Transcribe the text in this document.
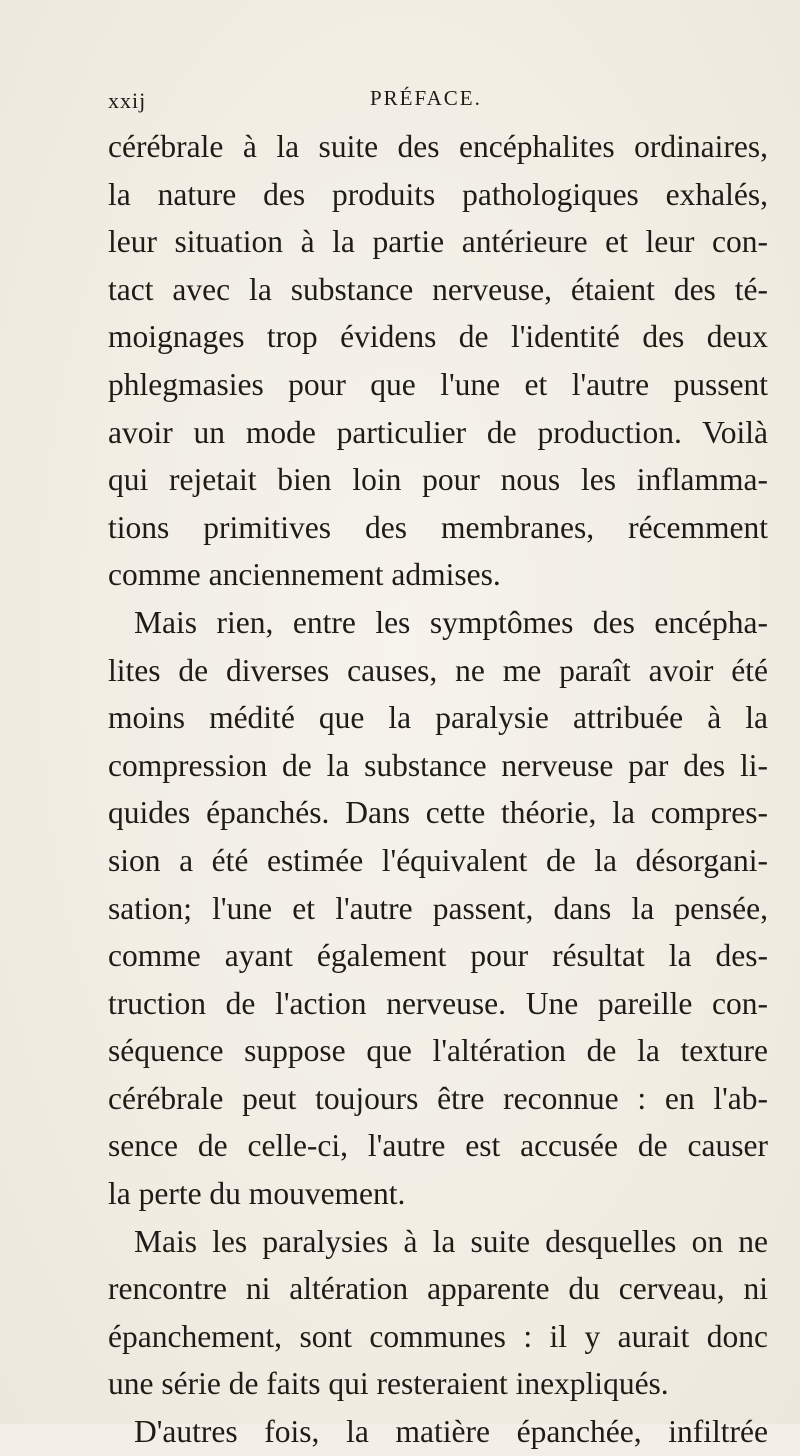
xxij	PRÉFACE.
cérébrale à la suite des encéphalites ordinaires,
la nature des produits pathologiques exhalés,
leur situation à la partie antérieure et leur con-
tact avec la substance nerveuse, étaient des té-
moignages trop évidens de l'identité des deux
phlegmasies pour que l'une et l'autre pussent
avoir un mode particulier de production. Voilà
qui rejetait bien loin pour nous les inflamma-
tions primitives des membranes, récemment
comme anciennement admises.
Mais rien, entre les symptômes des encépha-
lites de diverses causes, ne me paraît avoir été
moins médité que la paralysie attribuée à la
compression de la substance nerveuse par des li-
quides épanchés. Dans cette théorie, la compres-
sion a été estimée l'équivalent de la désorgani-
sation; l'une et l'autre passent, dans la pensée,
comme ayant également pour résultat la des-
truction de l'action nerveuse. Une pareille con-
séquence suppose que l'altération de la texture
cérébrale peut toujours être reconnue : en l'ab-
sence de celle-ci, l'autre est accusée de causer
la perte du mouvement.
Mais les paralysies à la suite desquelles on ne
rencontre ni altération apparente du cerveau, ni
épanchement, sont communes : il y aurait donc
une série de faits qui resteraient inexpliqués.
D'autres fois, la matière épanchée, infiltrée
